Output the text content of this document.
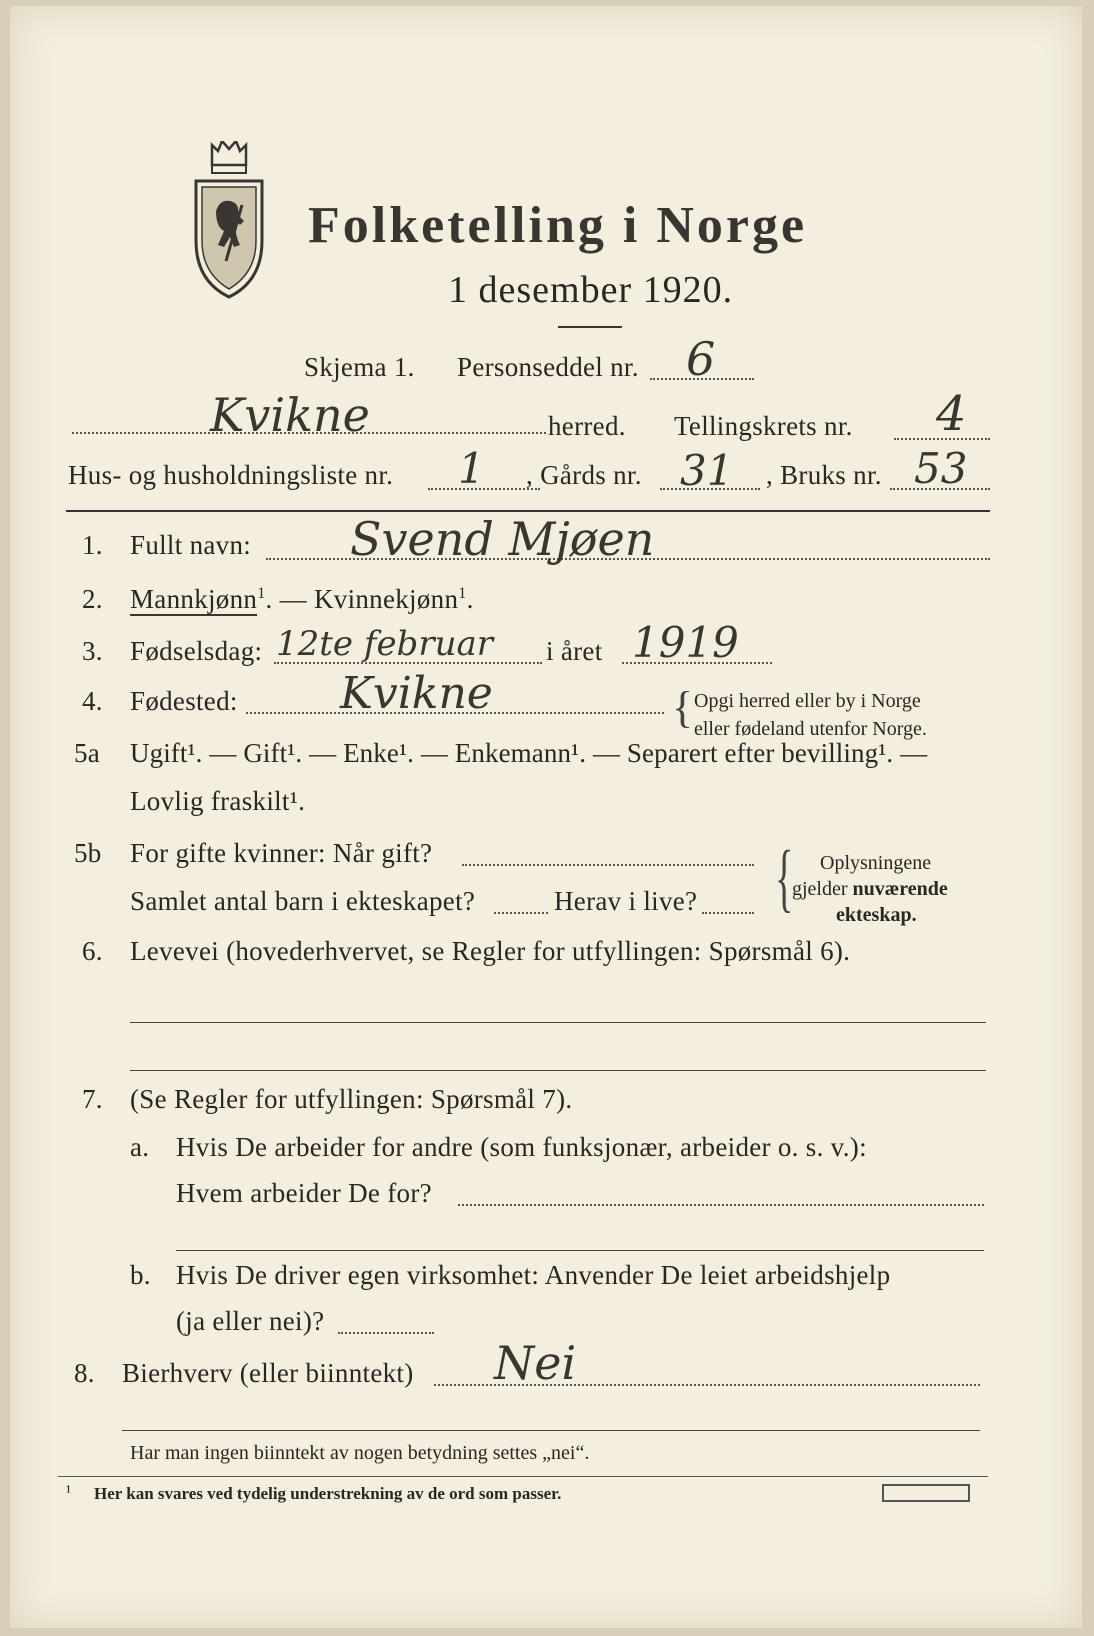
Folketelling i Norge
1 desember 1920.
Skjema 1. Personseddel nr. 6
Kvikne	herred. Tellingskrets nr. 4
Hus- og husholdningsliste nr. 1 , Gårds nr. 31 , Bruks nr. 53
1. Fullt navn: Svend Mjøen
2. Mannkjønn$^1$. — Kvinnekjønn$^1$.
3. Fødselsdag: 12te februar i året 1919
4. Fødested: Kvikne	{ Opgi herred eller by i Norge
eller fødeland utenfor Norge.
5a Ugift¹. — Gift¹. — Enke¹. — Enkemann¹. — Separert efter bevilling¹. —
Lovlig fraskilt¹.
5b For gifte kvinner: Når gift?
Samlet antal barn i ekteskapet?	Herav i live? { Oplysningene
gjelder nuværende
ekteskap.
6. Levevei (hovederhvervet, se Regler for utfyllingen: Spørsmål 6).
7. (Se Regler for utfyllingen: Spørsmål 7).
a. Hvis De arbeider for andre (som funksjonær, arbeider o. s. v.):
Hvem arbeider De for?
b. Hvis De driver egen virksomhet: Anvender De leiet arbeidshjelp
(ja eller nei)?
8. Bierhverv (eller biinntekt) Nei
Har man ingen biinntekt av nogen betydning settes „nei“.
¹ Her kan svares ved tydelig understrekning av de ord som passer.
